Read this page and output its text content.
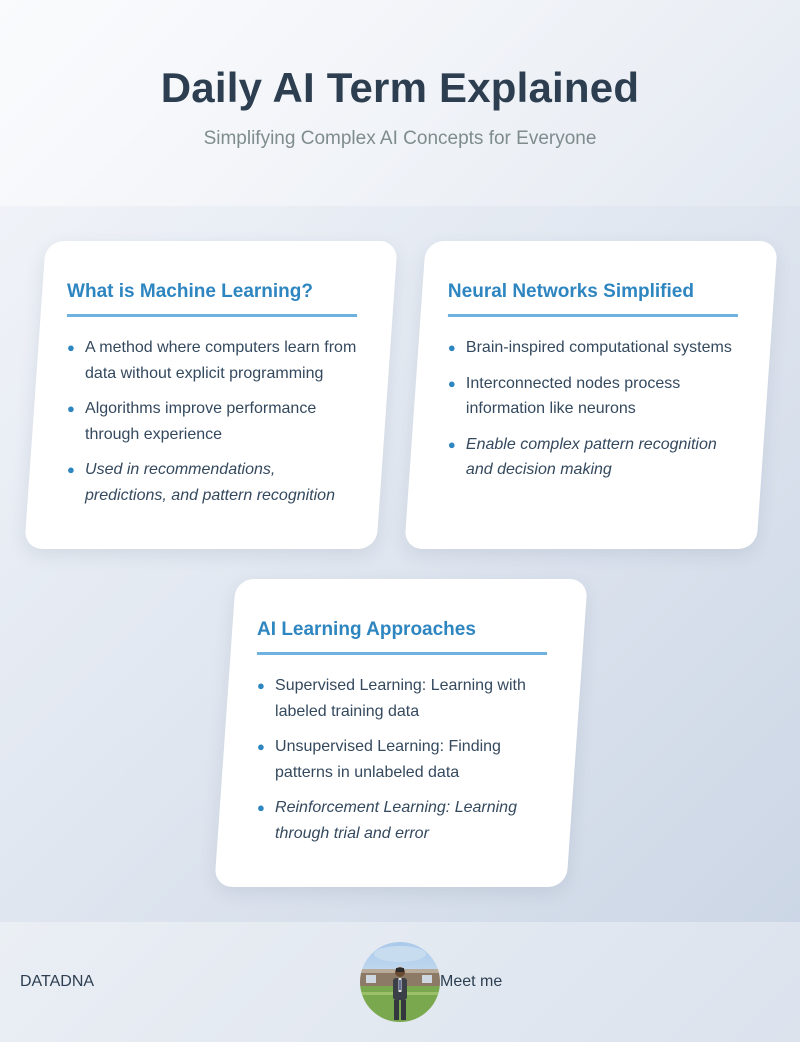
Daily AI Term Explained

Simplifying Complex AI Concepts for Everyone

What is Machine Learning?
● A method where computers learn from data without explicit programming
● Algorithms improve performance through experience
● Used in recommendations, predictions, and pattern recognition
Neural Networks Simplified
● Brain-inspired computational systems
● Interconnected nodes process information like neurons
● Enable complex pattern recognition and decision making
AI Learning Approaches
● Supervised Learning: Learning with labeled training data
● Unsupervised Learning: Finding patterns in unlabeled data
● Reinforcement Learning: Learning through trial and error
DATADNA	Meet me
